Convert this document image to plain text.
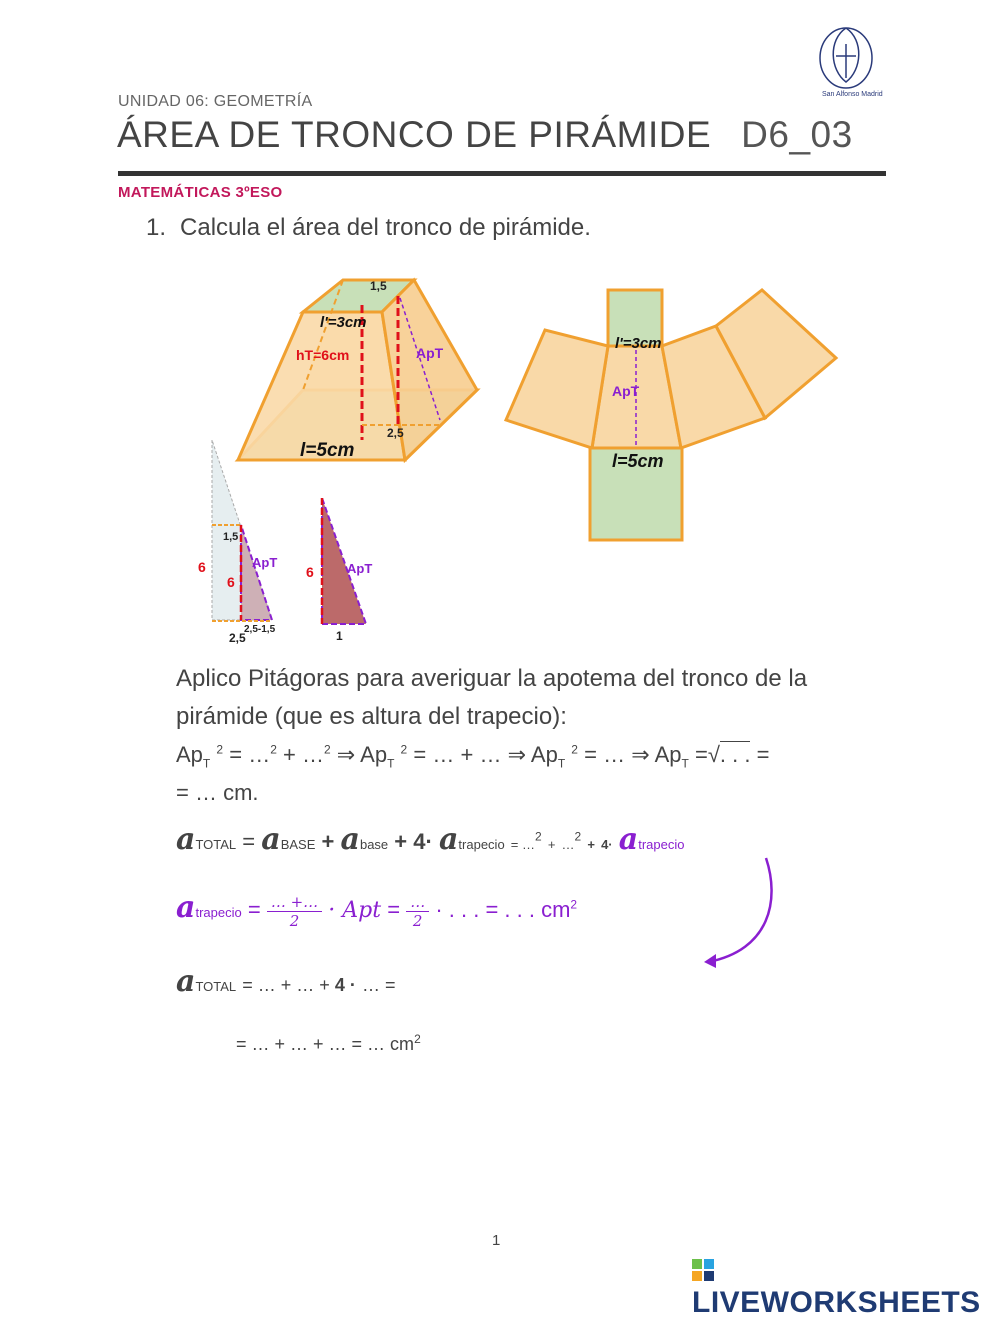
San Alfonso Madrid
UNIDAD 06: GEOMETRÍA
ÁREA DE TRONCO DE PIRÁMIDE D6_03
MATEMÁTICAS 3ºESO
1. Calcula el área del tronco de pirámide.
1,5
l'=3cm
hT=6cm	ApT
2,5
l=5cm
l'=3cm
ApT
l=5cm
1,5
6
6
ApT
2,5-1,5
2,5
6	ApT
1
Aplico Pitágoras para averiguar la apotema del tronco de la pirámide (que es altura del trapecio):
$Ap_T$ $^2$ = …$^2$ + …$^2$ ⇒ $Ap_T$ $^2$ = … + … ⇒ $Ap_T$ $^2$ = … ⇒ $Ap_T$ =√. . . =
= … cm.
aTOTAL = aBASE + abase + 4· atrapecio = …$^2$ + …$^2$ + 4· atrapecio
atrapecio = $\frac{\dots +\dots}{2}$ · Apt = $\frac{\dots}{2}$ · . . . = . . . $cm^2$
aTOTAL = … + … + 4 · … =
= … + … + … = … $cm^2$
1
LIVEWORKSHEETS
